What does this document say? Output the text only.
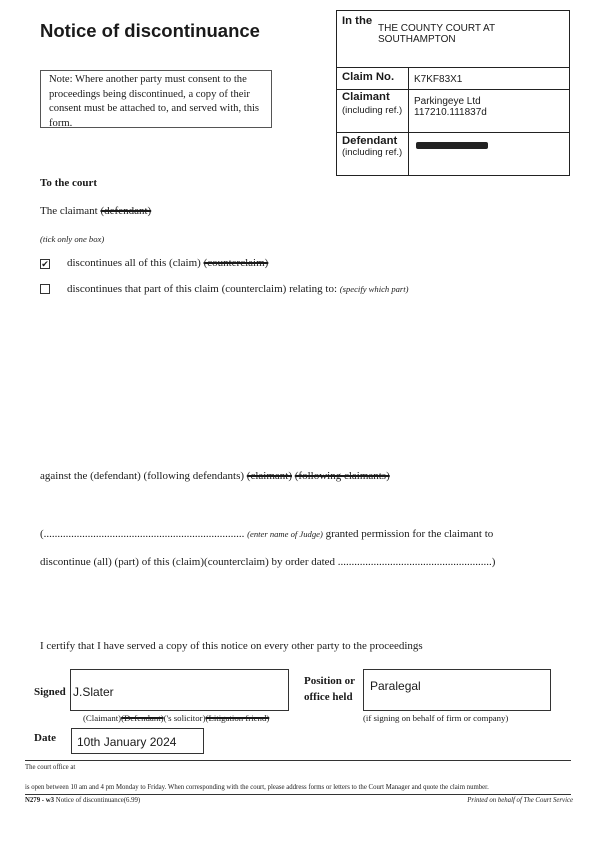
Notice of discontinuance
Note: Where another party must consent to the proceedings being discontinued, a copy of their consent must be attached to, and served with, this form.
In the
THE COUNTY COURT AT
SOUTHAMPTON
Claim No. K7KF83X1
Claimant
(including ref.)
Parkingeye Ltd
117210.111837d
Defendant
(including ref.)
To the court
The claimant (defendant)
(tick only one box)
✔ discontinues all of this (claim) (counterclaim)
discontinues that part of this claim (counterclaim) relating to: (specify which part)
against the (defendant) (following defendants) (claimant) (following claimants)
(......................................................................... (enter name of Judge) granted permission for the claimant to
discontinue (all) (part) of this (claim)(counterclaim) by order dated ........................................................)
I certify that I have served a copy of this notice on every other party to the proceedings
Signed J.Slater
(Claimant)(Defendant)('s solicitor)(Litigation friend)
Position or
office held
Paralegal
(if signing on behalf of firm or company)
Date 10th January 2024
The court office at
is open between 10 am and 4 pm Monday to Friday. When corresponding with the court, please address forms or letters to the Court Manager and quote the claim number.
N279 - w3 Notice of discontinuance(6.99)	Printed on behalf of The Court Service
